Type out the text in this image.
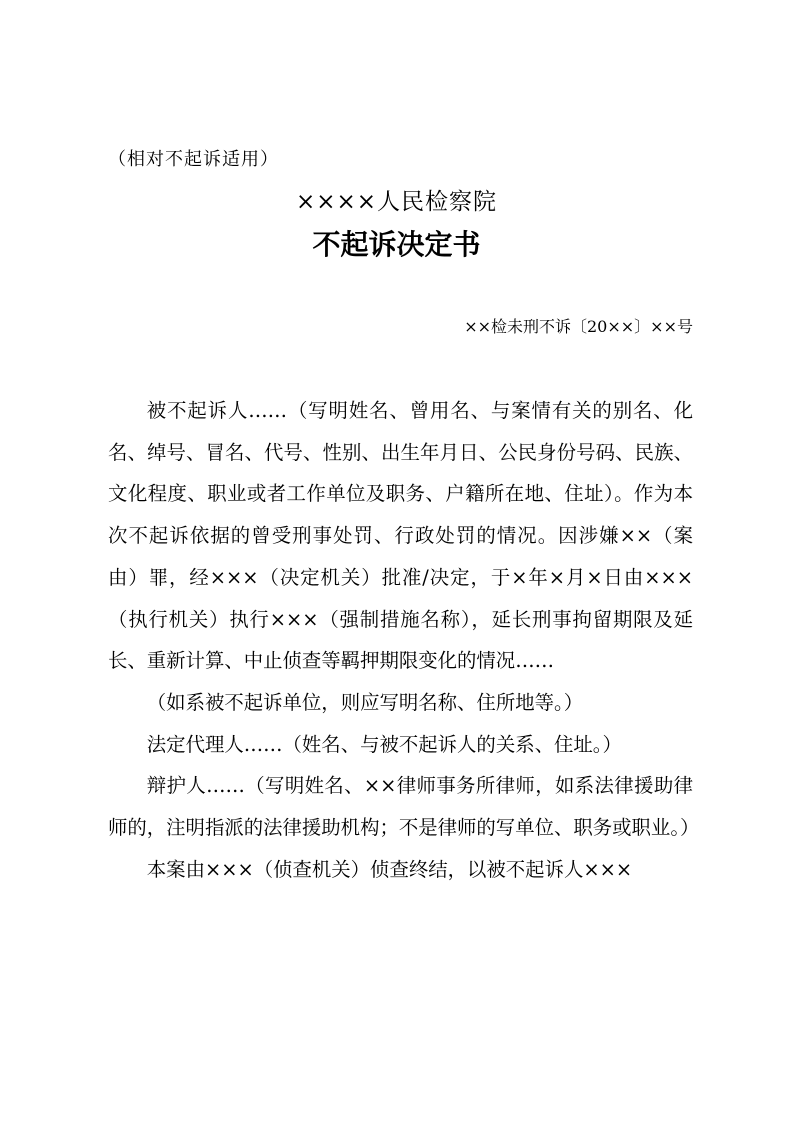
（相对不起诉适用）
××××人民检察院
不起诉决定书
××检未刑不诉〔20××〕××号

被不起诉人……（写明姓名、曾用名、与案情有关的别名、化名、绰号、冒名、代号、性别、出生年月日、公民身份号码、民族、文化程度、职业或者工作单位及职务、户籍所在地、住址）。作为本次不起诉依据的曾受刑事处罚、行政处罚的情况。因涉嫌××（案由）罪，经×××（决定机关）批准/决定，于×年×月×日由×××（执行机关）执行×××（强制措施名称），延长刑事拘留期限及延长、重新计算、中止侦查等羁押期限变化的情况……

（如系被不起诉单位，则应写明名称、住所地等。）

法定代理人……（姓名、与被不起诉人的关系、住址。）

辩护人……（写明姓名、××律师事务所律师，如系法律援助律师的，注明指派的法律援助机构；不是律师的写单位、职务或职业。）

本案由×××（侦查机关）侦查终结，以被不起诉人×××
